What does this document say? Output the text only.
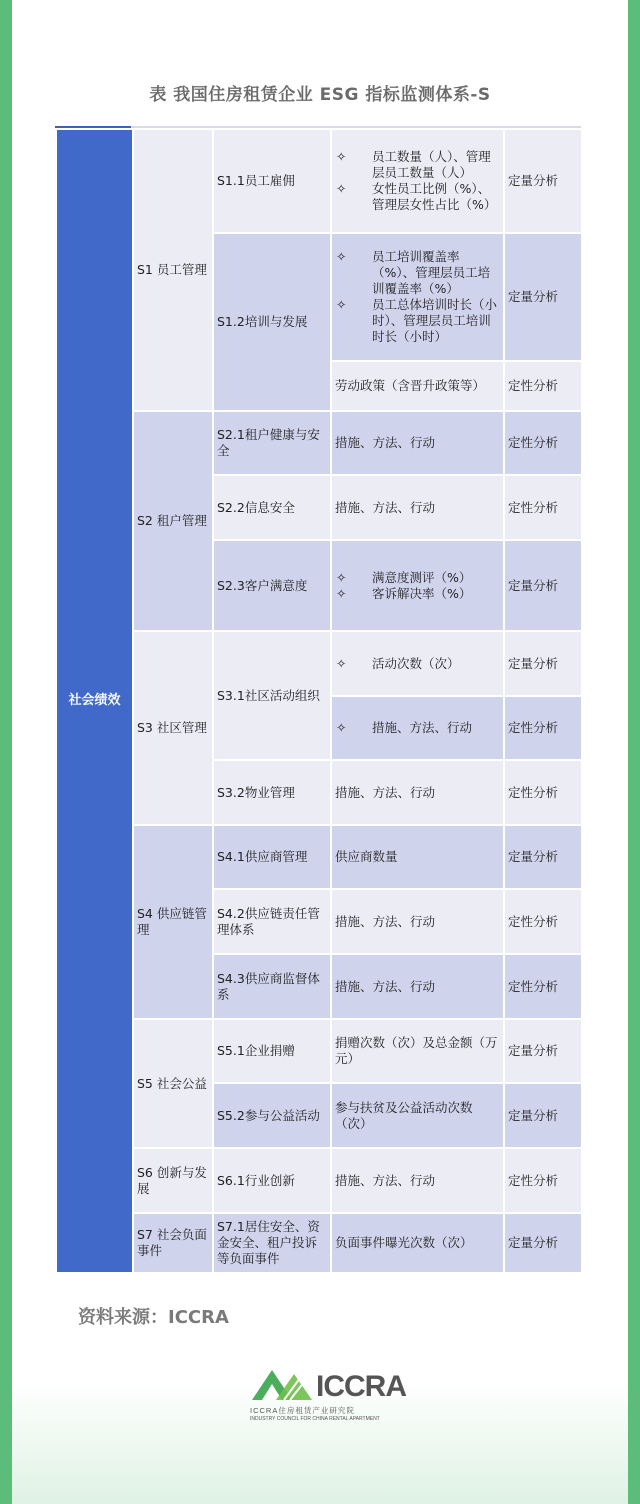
表 我国住房租赁企业 ESG 指标监测体系-S
社会绩效	S1 员工管理	S1.1员工雇佣	✧ 员工数量（人）、管理层员工数量（人）
✧ 女性员工比例（%）、管理层女性占比（%）	定量分析
		S1.2培训与发展	✧ 员工培训覆盖率（%）、管理层员工培训覆盖率（%）
✧ 员工总体培训时长（小时）、管理层员工培训时长（小时）	定量分析
			劳动政策（含晋升政策等）	定性分析
	S2 租户管理	S2.1租户健康与安全	措施、方法、行动	定性分析
		S2.2信息安全	措施、方法、行动	定性分析
		S2.3客户满意度	✧ 满意度测评（%）
✧ 客诉解决率（%）	定量分析
	S3 社区管理	S3.1社区活动组织	✧ 活动次数（次）	定量分析

			✧ 措施、方法、行动	定性分析
		S3.2物业管理	措施、方法、行动	定性分析
	S4 供应链管理	S4.1供应商管理	供应商数量	定量分析
		S4.2供应链责任管理体系	措施、方法、行动	定性分析
		S4.3供应商监督体系	措施、方法、行动	定性分析
	S5 社会公益	S5.1企业捐赠	捐赠次数（次）及总金额（万元）	定量分析
		S5.2参与公益活动	参与扶贫及公益活动次数（次）	定量分析
	S6 创新与发展	S6.1行业创新	措施、方法、行动	定性分析
	S7 社会负面事件	S7.1居住安全、资金安全、租户投诉等负面事件	负面事件曝光次数（次）	定量分析
资料来源：ICCRA
ICCRA
ICCRA住房租赁产业研究院
INDUSTRY COUNCIL FOR CHINA RENTAL APARTMENT
